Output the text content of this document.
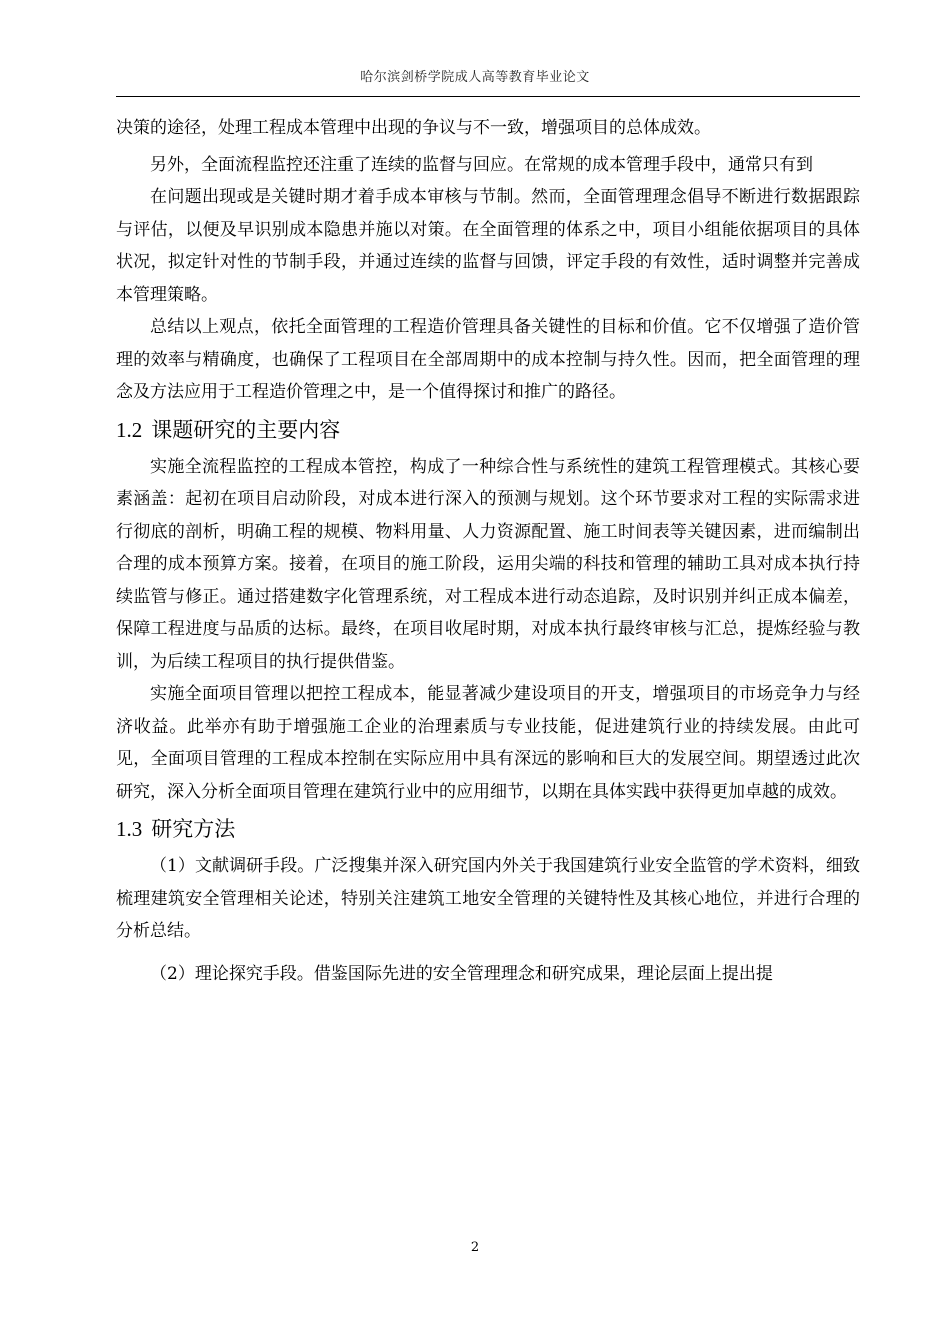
哈尔滨剑桥学院成人高等教育毕业论文

决策的途径，处理工程成本管理中出现的争议与不一致，增强项目的总体成效。

另外，全面流程监控还注重了连续的监督与回应。在常规的成本管理手段中，通常只有到

在问题出现或是关键时期才着手成本审核与节制。然而，全面管理理念倡导不断进行数据跟踪与评估，以便及早识别成本隐患并施以对策。在全面管理的体系之中，项目小组能依据项目的具体状况，拟定针对性的节制手段，并通过连续的监督与回馈，评定手段的有效性，适时调整并完善成本管理策略。

总结以上观点，依托全面管理的工程造价管理具备关键性的目标和价值。它不仅增强了造价管理的效率与精确度，也确保了工程项目在全部周期中的成本控制与持久性。因而，把全面管理的理念及方法应用于工程造价管理之中，是一个值得探讨和推广的路径。

1.2 课题研究的主要内容

实施全流程监控的工程成本管控，构成了一种综合性与系统性的建筑工程管理模式。其核心要素涵盖：起初在项目启动阶段，对成本进行深入的预测与规划。这个环节要求对工程的实际需求进行彻底的剖析，明确工程的规模、物料用量、人力资源配置、施工时间表等关键因素，进而编制出合理的成本预算方案。接着，在项目的施工阶段，运用尖端的科技和管理的辅助工具对成本执行持续监管与修正。通过搭建数字化管理系统，对工程成本进行动态追踪，及时识别并纠正成本偏差，保障工程进度与品质的达标。最终，在项目收尾时期，对成本执行最终审核与汇总，提炼经验与教训，为后续工程项目的执行提供借鉴。

实施全面项目管理以把控工程成本，能显著减少建设项目的开支，增强项目的市场竞争力与经济收益。此举亦有助于增强施工企业的治理素质与专业技能，促进建筑行业的持续发展。由此可见，全面项目管理的工程成本控制在实际应用中具有深远的影响和巨大的发展空间。期望透过此次研究，深入分析全面项目管理在建筑行业中的应用细节，以期在具体实践中获得更加卓越的成效。

1.3 研究方法

（1）文献调研手段。广泛搜集并深入研究国内外关于我国建筑行业安全监管的学术资料，细致梳理建筑安全管理相关论述，特别关注建筑工地安全管理的关键特性及其核心地位，并进行合理的分析总结。

（2）理论探究手段。借鉴国际先进的安全管理理念和研究成果，理论层面上提出提

2
